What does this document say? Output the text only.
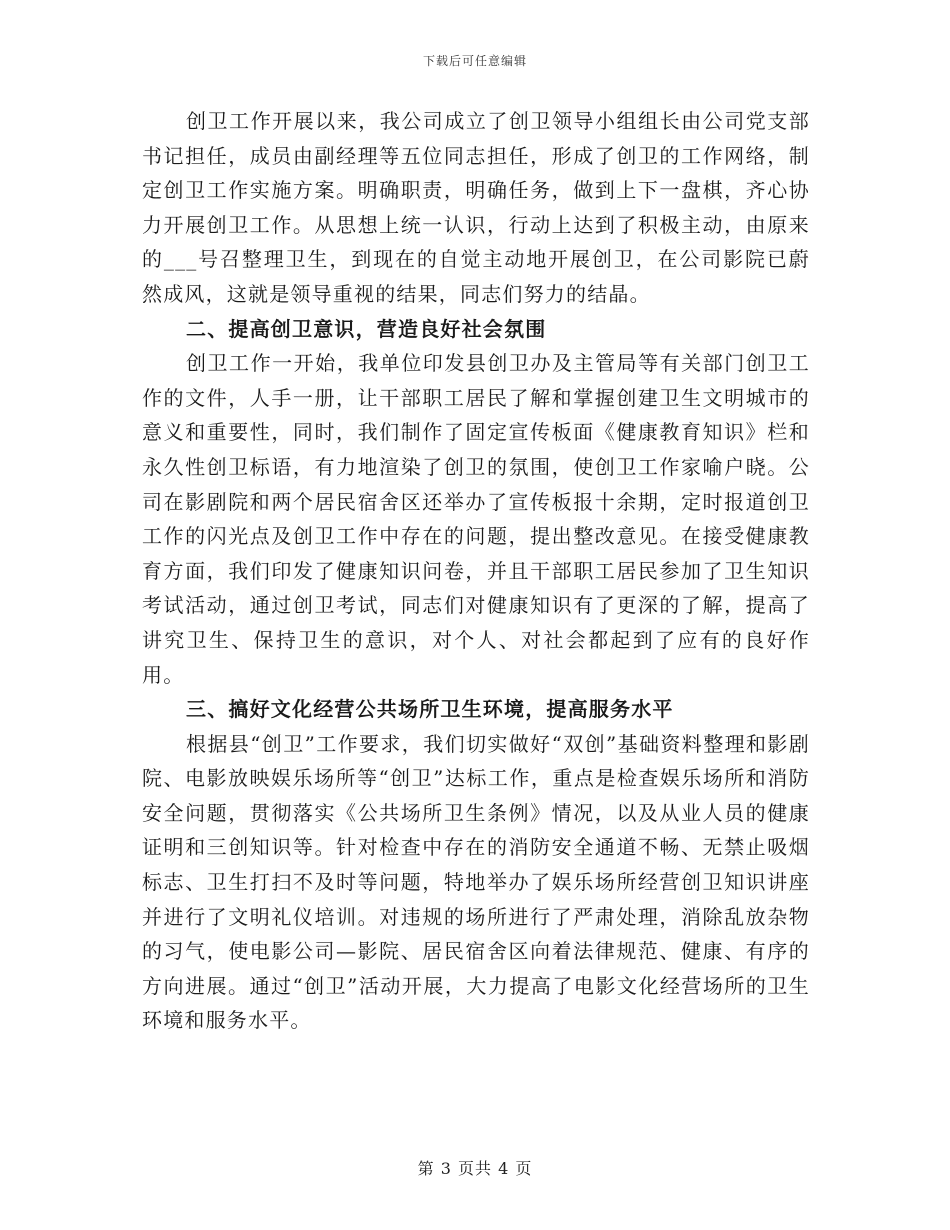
下载后可任意编辑

创卫工作开展以来，我公司成立了创卫领导小组组长由公司党支部书记担任，成员由副经理等五位同志担任，形成了创卫的工作网络，制定创卫工作实施方案。明确职责，明确任务，做到上下一盘棋，齐心协力开展创卫工作。从思想上统一认识，行动上达到了积极主动，由原来的___号召整理卫生，到现在的自觉主动地开展创卫，在公司影院已蔚然成风，这就是领导重视的结果，同志们努力的结晶。

二、提高创卫意识，营造良好社会氛围

创卫工作一开始，我单位印发县创卫办及主管局等有关部门创卫工作的文件，人手一册，让干部职工居民了解和掌握创建卫生文明城市的意义和重要性，同时，我们制作了固定宣传板面《健康教育知识》栏和永久性创卫标语，有力地渲染了创卫的氛围，使创卫工作家喻户晓。公司在影剧院和两个居民宿舍区还举办了宣传板报十余期，定时报道创卫工作的闪光点及创卫工作中存在的问题，提出整改意见。在接受健康教育方面，我们印发了健康知识问卷，并且干部职工居民参加了卫生知识考试活动，通过创卫考试，同志们对健康知识有了更深的了解，提高了讲究卫生、保持卫生的意识，对个人、对社会都起到了应有的良好作用。

三、搞好文化经营公共场所卫生环境，提高服务水平

根据县“创卫”工作要求，我们切实做好“双创”基础资料整理和影剧院、电影放映娱乐场所等“创卫”达标工作，重点是检查娱乐场所和消防安全问题，贯彻落实《公共场所卫生条例》情况，以及从业人员的健康证明和三创知识等。针对检查中存在的消防安全通道不畅、无禁止吸烟标志、卫生打扫不及时等问题，特地举办了娱乐场所经营创卫知识讲座并进行了文明礼仪培训。对违规的场所进行了严肃处理，消除乱放杂物的习气，使电影公司—影院、居民宿舍区向着法律规范、健康、有序的方向进展。通过“创卫”活动开展，大力提高了电影文化经营场所的卫生环境和服务水平。

第 3 页共 4 页
